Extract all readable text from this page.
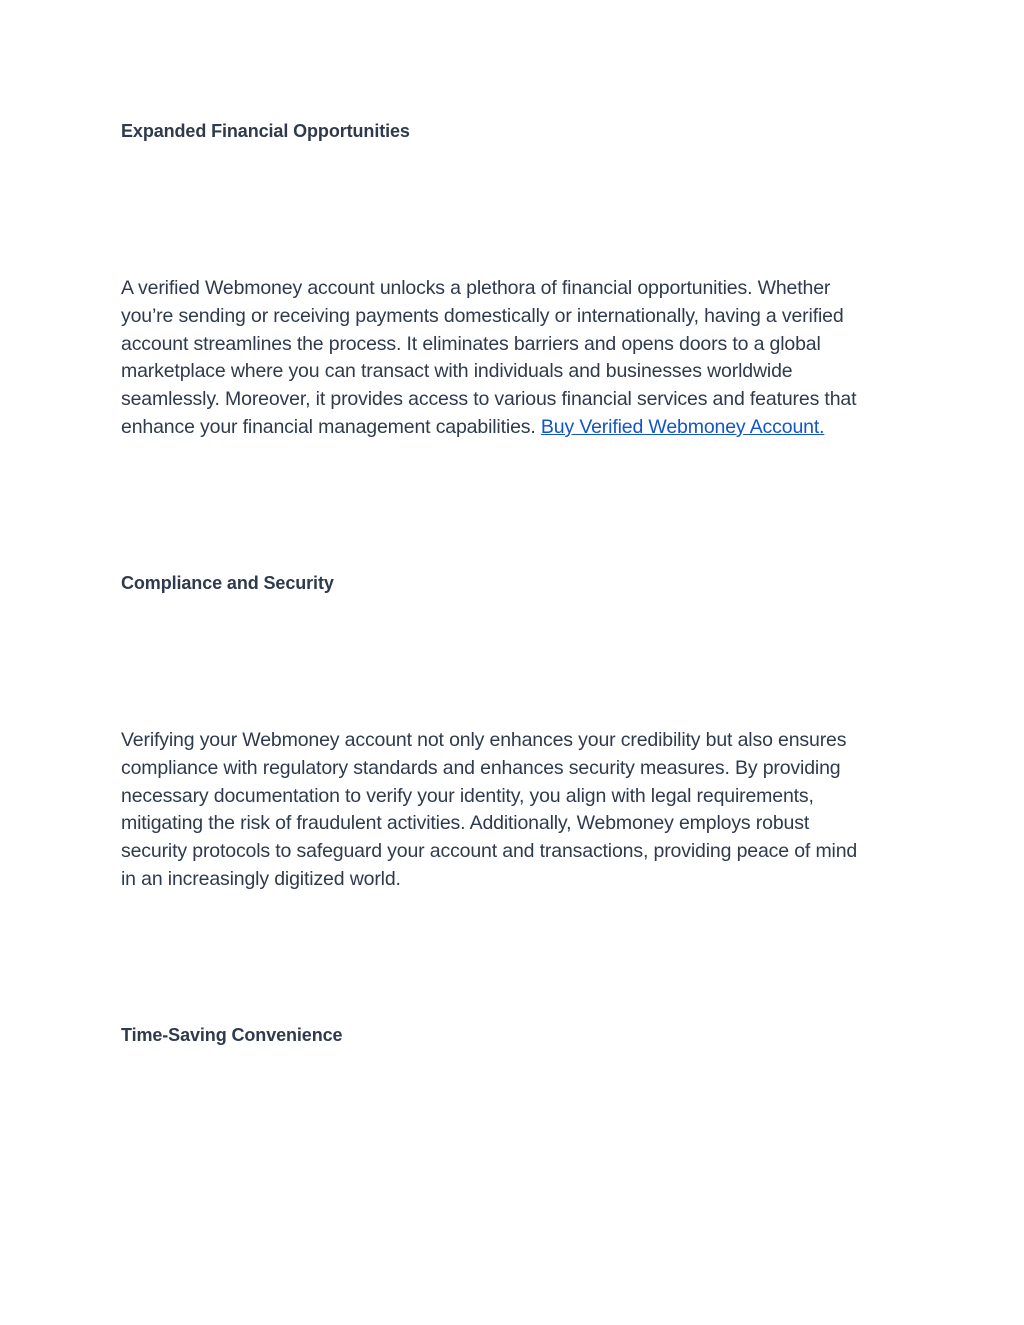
Expanded Financial Opportunities

A verified Webmoney account unlocks a plethora of financial opportunities. Whether
you’re sending or receiving payments domestically or internationally, having a verified
account streamlines the process. It eliminates barriers and opens doors to a global
marketplace where you can transact with individuals and businesses worldwide
seamlessly. Moreover, it provides access to various financial services and features that
enhance your financial management capabilities. Buy Verified Webmoney Account.

Compliance and Security

Verifying your Webmoney account not only enhances your credibility but also ensures
compliance with regulatory standards and enhances security measures. By providing
necessary documentation to verify your identity, you align with legal requirements,
mitigating the risk of fraudulent activities. Additionally, Webmoney employs robust
security protocols to safeguard your account and transactions, providing peace of mind
in an increasingly digitized world.

Time-Saving Convenience
